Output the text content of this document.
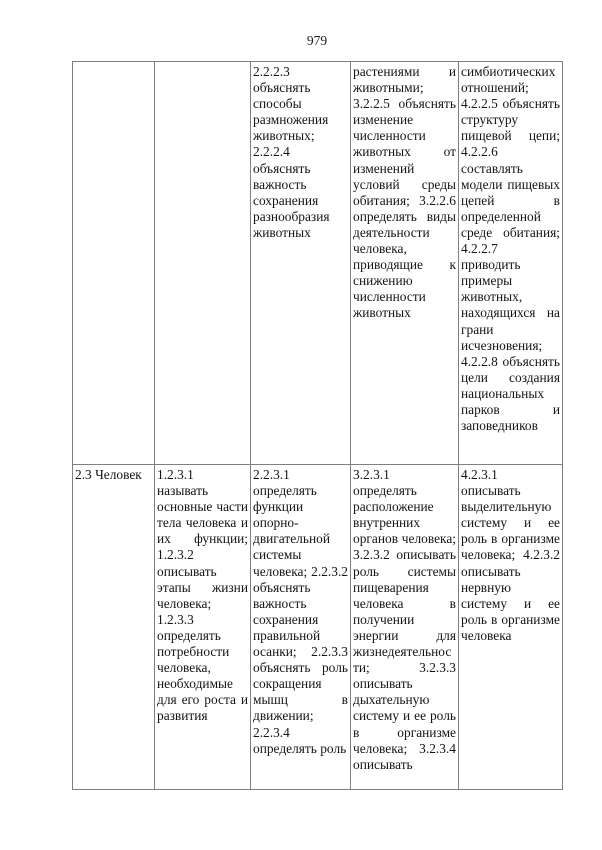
979
		2.2.2.3 объяснять способы размножения животных; 2.2.2.4 объяснять важность сохранения разнообразия животных	растениями и животными; 3.2.2.5 объяснять изменение численности животных от изменений условий среды обитания; 3.2.2.6 определять виды деятельности человека, приводящие к снижению численности животных	симбиотических отношений; 4.2.2.5 объяснять структуру пищевой цепи; 4.2.2.6 составлять модели пищевых цепей в определенной среде обитания; 4.2.2.7 приводить примеры животных, находящихся на грани исчезновения; 4.2.2.8 объяснять цели создания национальных парков и заповедников
2.3 Человек	1.2.3.1 называть основные части тела человека и их функции; 1.2.3.2 описывать этапы жизни человека; 1.2.3.3 определять потребности человека, необходимые для его роста и развития	2.2.3.1 определять функции опорно-двигательной системы человека; 2.2.3.2 объяснять важность сохранения правильной осанки; 2.2.3.3 объяснять роль сокращения мышц в движении; 2.2.3.4 определять роль	3.2.3.1 определять расположение внутренних органов человека; 3.2.3.2 описывать роль системы пищеварения человека в получении энергии для жизнедеятельности; 3.2.3.3 описывать дыхательную систему и ее роль в организме человека; 3.2.3.4 описывать	4.2.3.1 описывать выделительную систему и ее роль в организме человека; 4.2.3.2 описывать нервную систему и ее роль в организме человека
